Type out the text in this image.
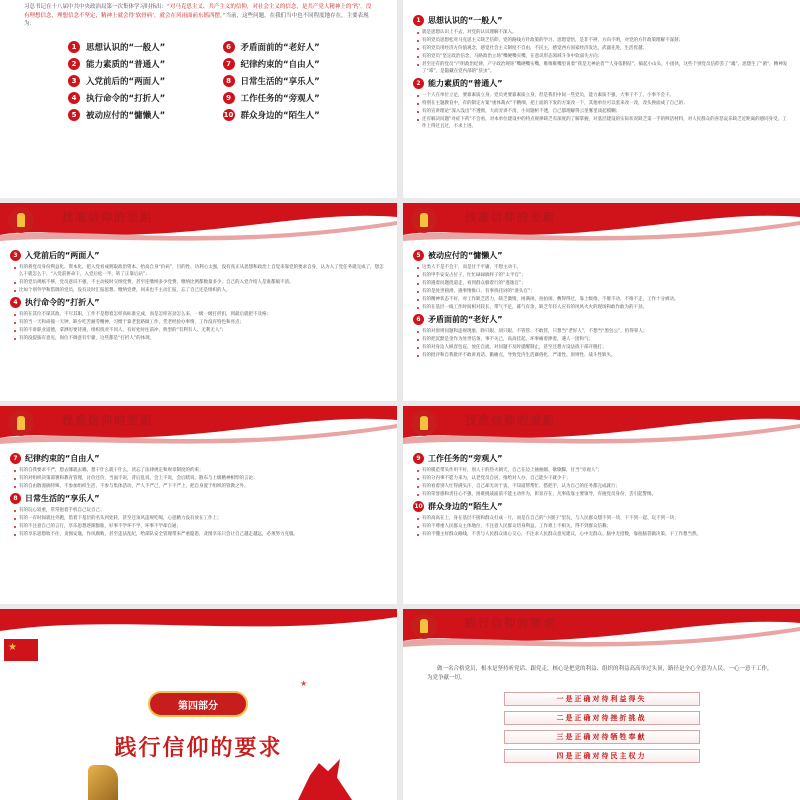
习总书记在十八届中共中央政治局第一次集体学习时指出：“对马克思主义、共产主义的信仰，对社会主义的信念，是共产党人精神上的‘钙’。没有理想信念，理想信念不坚定，精神上就会得‘软骨病’，就会在风雨面前东摇西摆。”当前，这些问题，在我们当中也不同程度地存在，主要表现为：

1	思想认识的“一般人”	6	矛盾面前的“老好人”
2	能力素质的“普通人”	7	纪律约束的“自由人”
3	入党前后的“两面人”	8	日常生活的“享乐人”
4	执行命令的“打折人”	9	工作任务的“旁观人”
5	被动应付的“慵懒人”	10 群众身边的“陌生人”
1 思想认识的“一般人”

就是思想认识上不去，对党的认识理解不深入。

有的党员思想松对马克思主义缺乏信仰，党的路线方针政策的学习、思想觉悟，是非不辨，方向不明，对党的方针政策理解不深刻；

有的党员用经济方价值观念，感觉社会主义制度不自由，不民主，感觉西方国家经济发达，武器先进，生活优越；

有的党员“坚定政治信念，马路政治立场”嘴硬嘴实嘴，在意识形态领域斗争中软弱失方向；

甚至还有的党员“产明政治纪律，产守政治规矩”嘴硬嘴实嘴，唯唯唯嘴里说着“我是无神论者”“人身依附结”，搞起小山头、小团伙，这些个别党员信仰丢了“魂”，思想生了“菌”，精神发了“霉”，是隐藏在党内部的“驻虫”。

2 能力素质的“普通人”

一个人在单位立足，要靠素质立身，党员更要靠素质立身，但是我们中间一些党员，能力素质不强，大事干不了，小事不会干。

特别在主题教育中，有的制定方案“重体裁衣”不精细，把上面的下发的方案改一下，其他单位可以套来改一改，改头换面成了自己的；

有的宣讲理论“深入浅出”不透彻，大而旁讲不清，小问题析不透，自己都理解得云里雾里谈起模糊；

还有解决问题“对症下药”不会看，对本单位建设中的特点规律缺乏有深度的了解掌握，对基层建设的实际状况缺乏第一手的鲜活材料，对人民群众的喜怒哀乐缺乏近距离的感同身受，工作上得过且过，不求上进。

找准信仰的差距
3 入党前后的“两面人”

有的将党员身份利益化、资本化，把入党看成拥取政治资本、抬高自身“价码”，目的性、功利心太强，没有真正从思想和政治上自觉来靠党的要求自身，认为入了党任务就完成了，想怎么干就怎么干，“入党前拼命干，入党后松一半，转了正靠后站”；

有的党员规纸不够，党员意识不强，不主动按时交纳党费，甚至连缴纳多少党费、缴纳比例都数量多少、自己的入党介绍人是谁都搞不清。

比如个别外学和借调的党员，没有及时汇报思想、缴纳党费，回来也不主动汇报，忘了自己还是组织的人。

4 执行命令的“打折人”

有的在其位不谋其政、不尽其职，工作不是想着怎样高标准完成，而是怎样省劲怎么来，一级一级打折扣，到最后就把不及格；

有的当一天和尚撞一天钟，缺少吃苦耐劳精神，习惯于靠老套路做工作，凭老经验办事情，工作没有特色和亮点；

有的不讲职业道德，拿洒厉要待遇，组织找对不同人、有好处时往前冲、典型的“有利有人、无利无人”；

有的没提拔有意见，岗位不调意有牢骚，这些都是“打折人”的体现。

找准信仰的差距
5 被动应付的“慵懒人”

这类人不是不会干，而是甘于平庸、不想主动干。

有的甲乎安安占位子，忙忙碌碌搞样子的“太平官”；

有的遇着问题绕道走，看到群众躲着行的“逃逸官”；

有的是处世圆滑，遇事惰推口、有事找托词的“滑头官”；

有的精神状态不好，对工作缺乏活力，缺乏激情，困满闲，拍拍闲，敷得得过，靠上级推，不催不动，不推不走，工作十分被动。

有的在基层一线工作时间相对较长，带气不足，暮气有余，缺乏年轻人应有的风风火火的现场和敢作敢为的干劲。

6 矛盾面前的“老好人”

有的对原则问题和违规现象，睁只眼、闭只眼、不管管、不敢管，只想当“老好人”，不想当“黑包公”，怕得罪人；

有的把沉默是金作为处世信条，事不关己，高高挂起，坏事痛着捧着，遇人一团和气；

有的对身边人纵容包庇、放任自流，对问题不及时提醒制止，甚至还想方设法找干部开脱打；

有的批评和自我批评不敢讲真话、戳痛点，导致党内生活庸俗化、严肃性、原则性、战斗性缺失。

找准信仰的差距
7 纪律约束的“自由人”

有的自我要求不严，想去哪就去哪，想干什么就干什么，淡忘了法律规定和规章制度的约束；

有的对组织决策部署和教育管理，讨价还价，当面不说，背后乱说，会上不说，会后瞎说，散布与上级精神相悖的言论；

有的自由散漫搞特殊，不参加组织生活，不参与集体活动，严人不严己，严下不严上，把自身置于组织的管教之外。

8 日常生活的“享乐人”

有的玩心较重，常常抱着手机自己玩自己；

有的一有时间就往外跑，借着下基层的名头到处转，甚至还顶风违规吃喝，心思精力没有放在工作上；

有的不注意自己的言行，享乐思想逐渐膨胀，好事不学坏不学，坏事不学却自通；

有的享乐思想收不住，贪图安逸，作风腐败，甚至违法乱纪，给部队安全管理带来严重隐患，贪图享乐只会让自己越走越远，必须努力克服。

找准信仰的差距
9 工作任务的“旁观人”

有的模范带头作用不好，别人干的热火朝天，自己在边上抽抽烟、歇歇脚，甘当“旁观人”；

有的分内事不愿力来为，认老党员自居，推给对人办，自己能少干就少干；

有的看着别人忙得满头汗，自己却无动于衷，不知道帮帮忙、搭把手，认为自己的任务都完成就行；

有的荣誉感和责任心不强，困难挑战面前不能主动作为，彰显存在，凡事依靠主要领导，有拢党员身份，丢引起警惕。

10 群众身边的“陌生人”

有的高高在上，身在基层不接和群众打成一片，而是在自己的“小圈子”里玩，与人民群众想不到一块、干不到一起、玩不到一块；

有的不尊重人民群众主体地位，不注意人民群众切身利益，工作难上不相关，得不到群众信赖；

有的不懂主好群众路线，不善与人民群众谈心交心，不注求人民群众意见建议，心中无群众、脑中无招数，靠拍脑袋做决策、干工作想当然。

★
★
第四部分
践行信仰的要求
践行信仰的要求

做一名合格党员，根本是坚持听党话、跟党走，核心是把党的利益、组织的利益高高举过头顶，路径是全心全意为人民、一心一意干工作，为党争献一切。

一是正确对待利益得失
二是正确对待挫折挑战
三是正确对待牺牲奉献
四是正确对待民主权力
